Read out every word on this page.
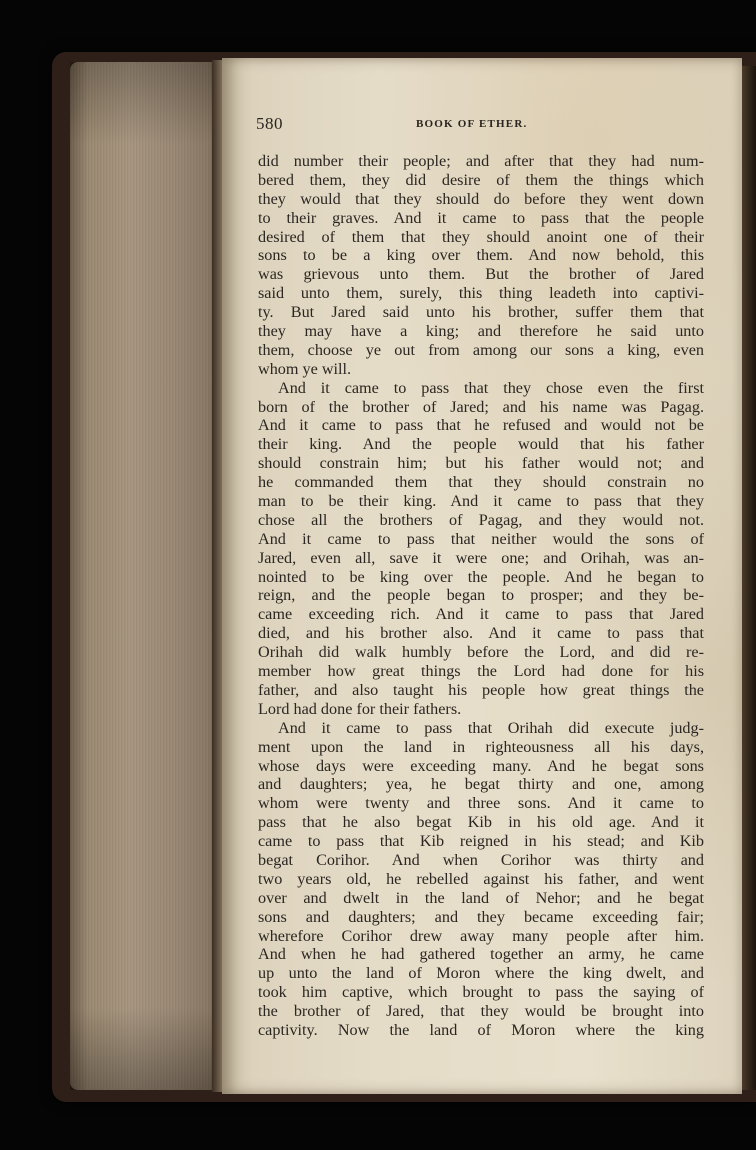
580	BOOK OF ETHER.
did number their people; and after that they had num-
bered them, they did desire of them the things which
they would that they should do before they went down
to their graves. And it came to pass that the people
desired of them that they should anoint one of their
sons to be a king over them. And now behold, this
was grievous unto them. But the brother of Jared
said unto them, surely, this thing leadeth into captivi-
ty. But Jared said unto his brother, suffer them that
they may have a king; and therefore he said unto
them, choose ye out from among our sons a king, even
whom ye will.
And it came to pass that they chose even the first
born of the brother of Jared; and his name was Pagag.
And it came to pass that he refused and would not be
their king. And the people would that his father
should constrain him; but his father would not; and
he commanded them that they should constrain no
man to be their king. And it came to pass that they
chose all the brothers of Pagag, and they would not.
And it came to pass that neither would the sons of
Jared, even all, save it were one; and Orihah, was an-
nointed to be king over the people. And he began to
reign, and the people began to prosper; and they be-
came exceeding rich. And it came to pass that Jared
died, and his brother also. And it came to pass that
Orihah did walk humbly before the Lord, and did re-
member how great things the Lord had done for his
father, and also taught his people how great things the
Lord had done for their fathers.
And it came to pass that Orihah did execute judg-
ment upon the land in righteousness all his days,
whose days were exceeding many. And he begat sons
and daughters; yea, he begat thirty and one, among
whom were twenty and three sons. And it came to
pass that he also begat Kib in his old age. And it
came to pass that Kib reigned in his stead; and Kib
begat Corihor. And when Corihor was thirty and
two years old, he rebelled against his father, and went
over and dwelt in the land of Nehor; and he begat
sons and daughters; and they became exceeding fair;
wherefore Corihor drew away many people after him.
And when he had gathered together an army, he came
up unto the land of Moron where the king dwelt, and
took him captive, which brought to pass the saying of
the brother of Jared, that they would be brought into
captivity. Now the land of Moron where the king
